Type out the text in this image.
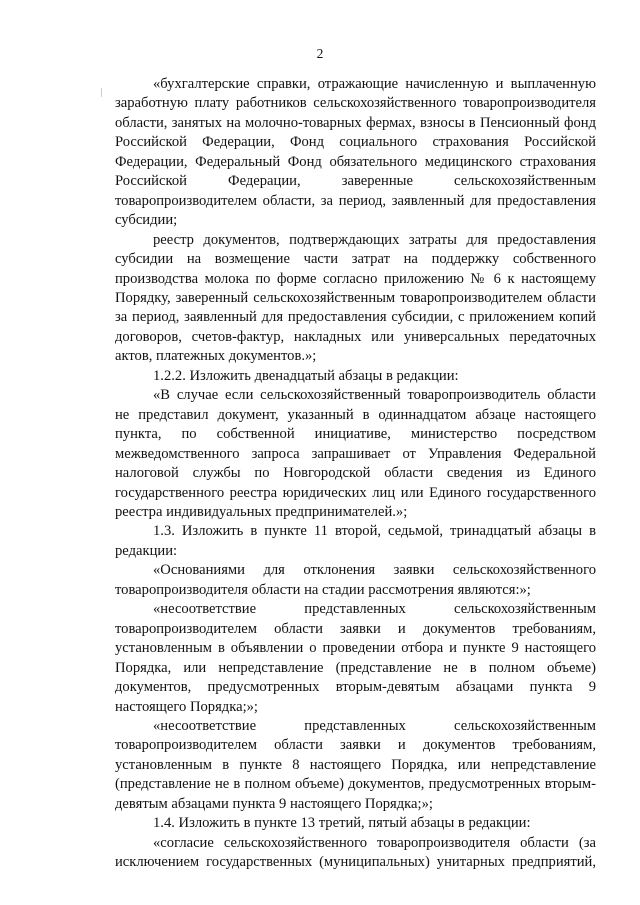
2

«бухгалтерские справки, отражающие начисленную и выплаченную заработную плату работников сельскохозяйственного товаропроизводителя области, занятых на молочно-товарных фермах, взносы в Пенсионный фонд Российской Федерации, Фонд социального страхования Российской Федерации, Федеральный Фонд обязательного медицинского страхования Российской Федерации, заверенные сельскохозяйственным товаропроизводителем области, за период, заявленный для предоставления субсидии;

реестр документов, подтверждающих затраты для предоставления субсидии на возмещение части затрат на поддержку собственного производства молока по форме согласно приложению № 6 к настоящему Порядку, заверенный сельскохозяйственным товаропроизводителем области за период, заявленный для предоставления субсидии, с приложением копий договоров, счетов-фактур, накладных или универсальных передаточных актов, платежных документов.»;

1.2.2. Изложить двенадцатый абзацы в редакции:

«В случае если сельскохозяйственный товаропроизводитель области не представил документ, указанный в одиннадцатом абзаце настоящего пункта, по собственной инициативе, министерство посредством межведомственного запроса запрашивает от Управления Федеральной налоговой службы по Новгородской области сведения из Единого государственного реестра юридических лиц или Единого государственного реестра индивидуальных предпринимателей.»;

1.3. Изложить в пункте 11 второй, седьмой, тринадцатый абзацы в редакции:

«Основаниями для отклонения заявки сельскохозяйственного товаропроизводителя области на стадии рассмотрения являются:»;

«несоответствие представленных сельскохозяйственным товаропроизводителем области заявки и документов требованиям, установленным в объявлении о проведении отбора и пункте 9 настоящего Порядка, или непредставление (представление не в полном объеме) документов, предусмотренных вторым-девятым абзацами пункта 9 настоящего Порядка;»;

«несоответствие представленных сельскохозяйственным товаропроизводителем области заявки и документов требованиям, установленным в пункте 8 настоящего Порядка, или непредставление (представление не в полном объеме) документов, предусмотренных вторым-девятым абзацами пункта 9 настоящего Порядка;»;

1.4. Изложить в пункте 13 третий, пятый абзацы в редакции:

«согласие сельскохозяйственного товаропроизводителя области (за исключением государственных (муниципальных) унитарных предприятий,
